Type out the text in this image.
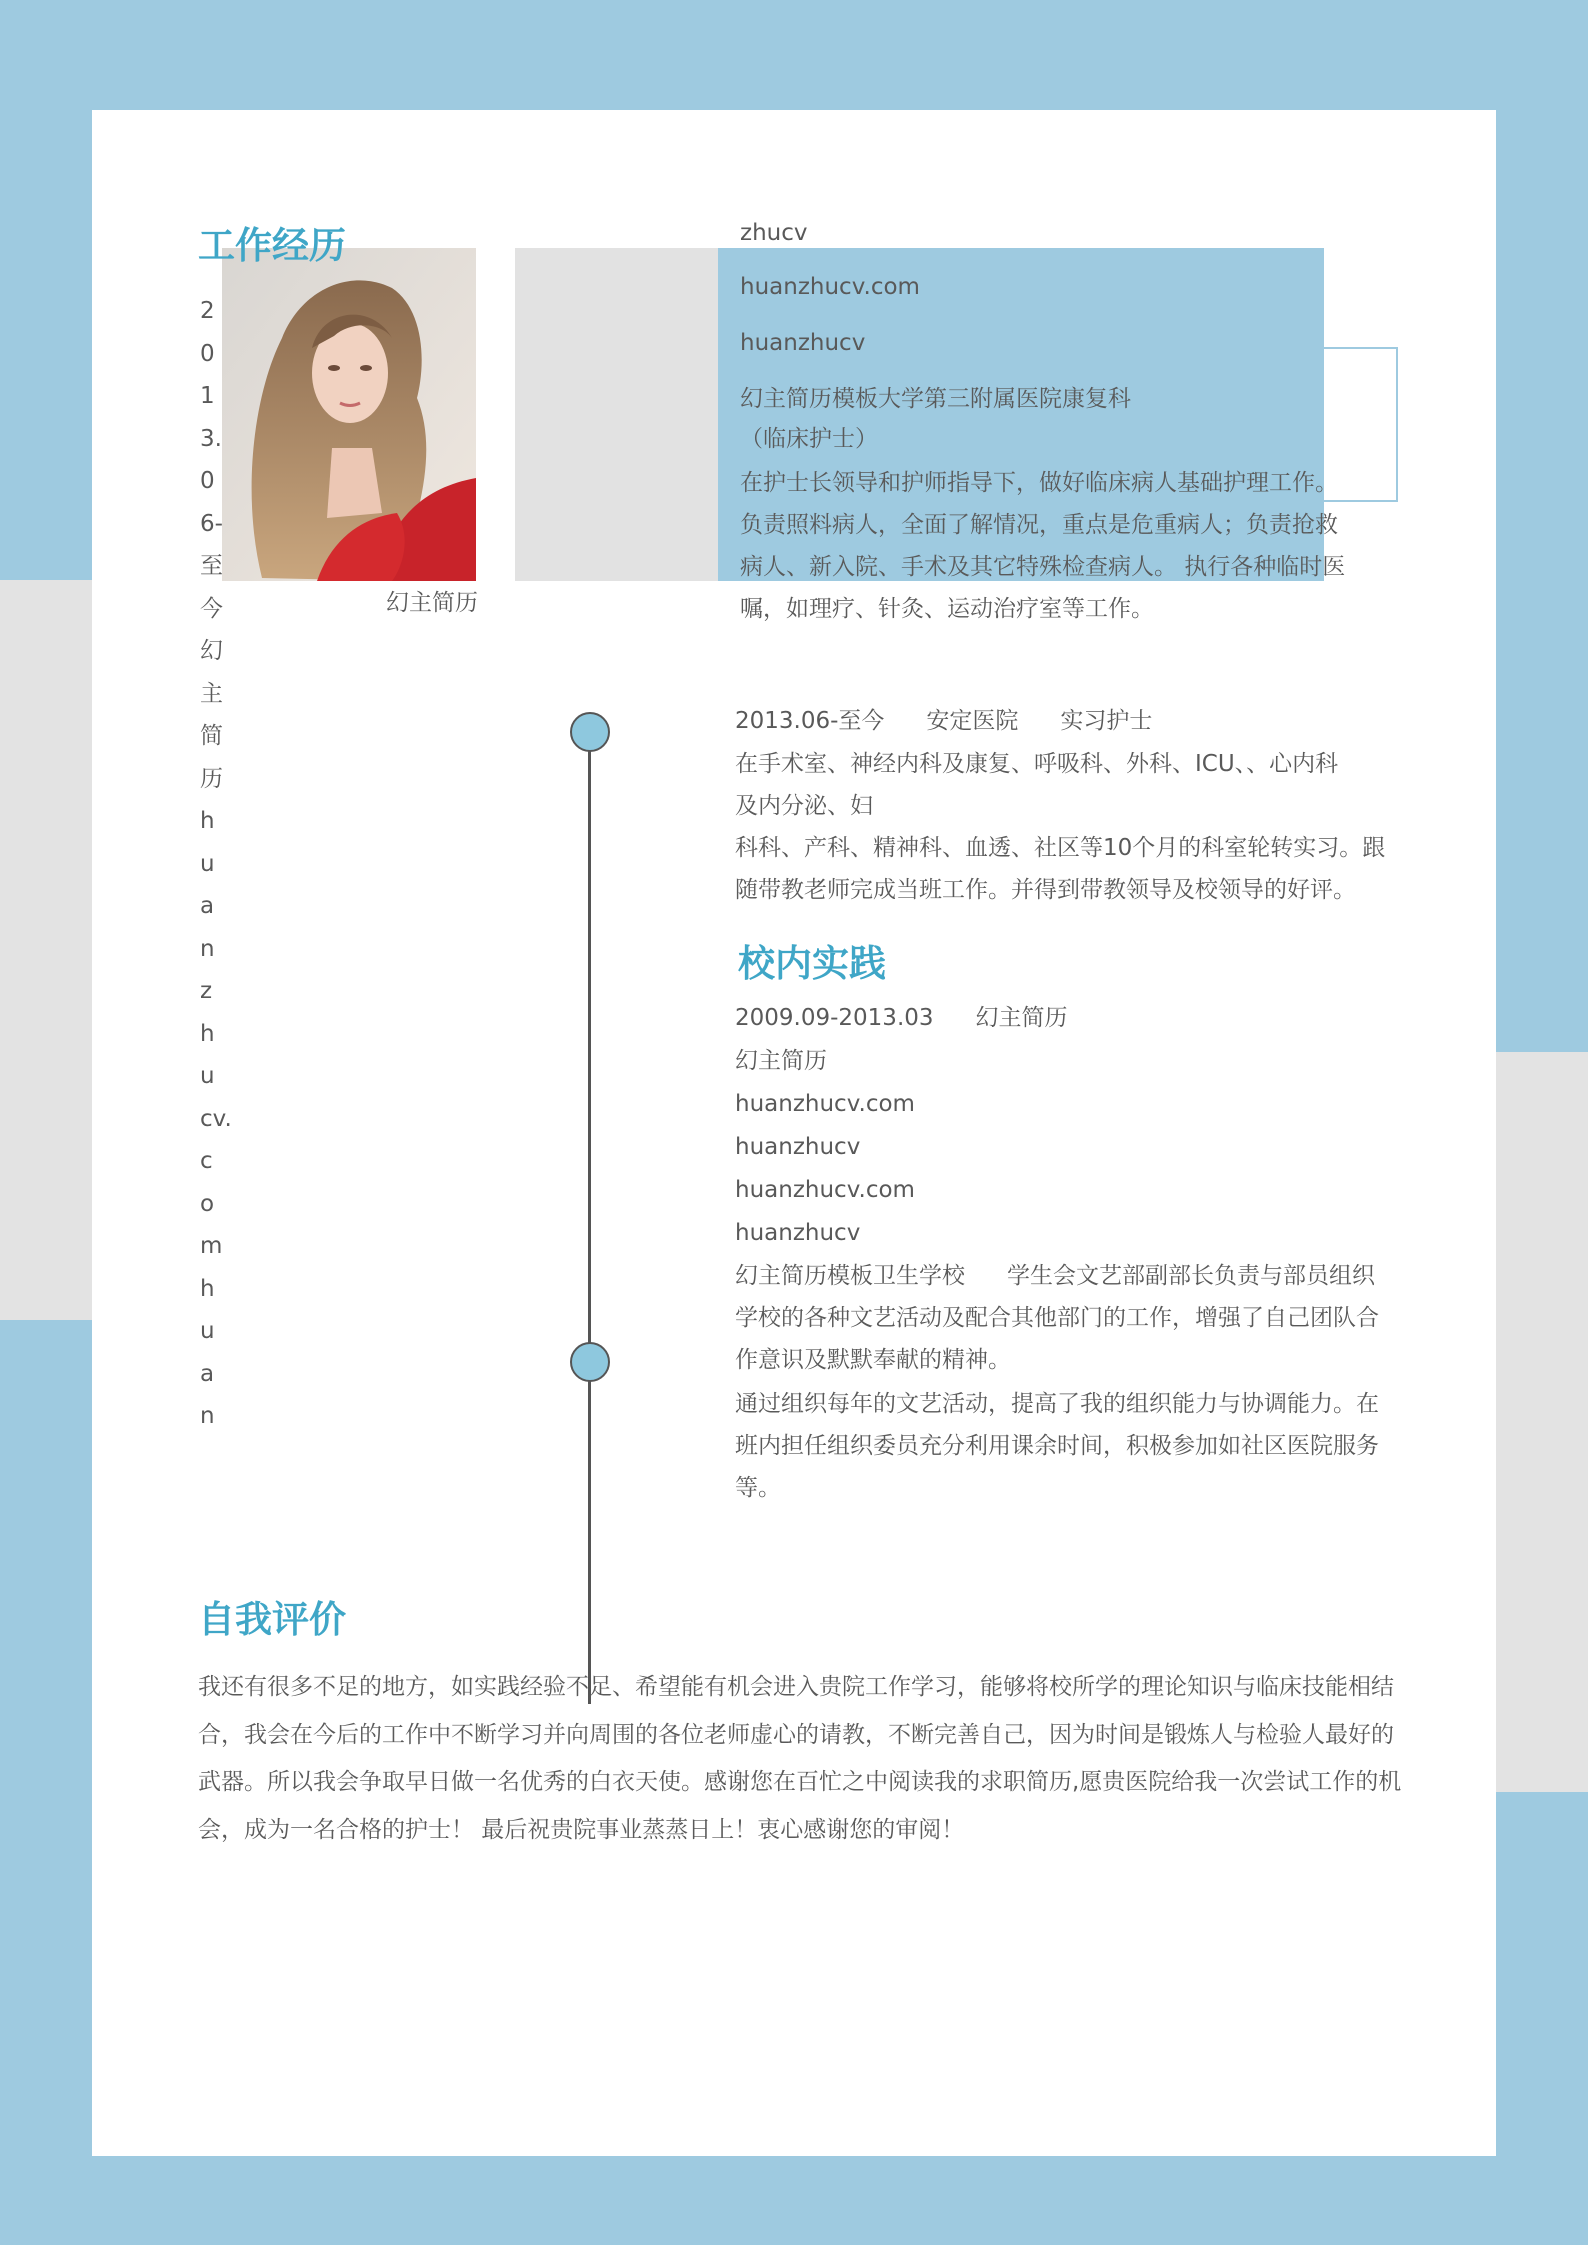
幻主简历
zhucv
huanzhucv.com
huanzhucv
幻主简历模板大学第三附属医院康复科
（临床护士）
在护士长领导和护师指导下，做好临床病人基础护理工作。 负责照料病人，全面了解情况，重点是危重病人；负责抢救病人、新入院、手术及其它特殊检查病人。 执行各种临时医嘱，如理疗、针灸、运动治疗室等工作。
工作经历
2
0
1
3.
0
6-
至
今
幻
主
简
历
h
u
a
n
z
h
u
cv.
c
o
m
h
u
a
n
2013.06-至今 安定医院 实习护士
在手术室、神经内科及康复、呼吸科、外科、ICU、、心内科
及内分泌、妇
科科、产科、精神科、血透、社区等10个月的科室轮转实习。跟
随带教老师完成当班工作。并得到带教领导及校领导的好评。
校内实践
2009.09-2013.03 幻主简历
幻主简历
huanzhucv.com
huanzhucv
huanzhucv.com
huanzhucv
幻主简历模板卫生学校 学生会文艺部副部长负责与部员组织学校的各种文艺活动及配合其他部门的工作，增强了自己团队合作意识及默默奉献的精神。
通过组织每年的文艺活动，提高了我的组织能力与协调能力。在班内担任组织委员充分利用课余时间，积极参加如社区医院服务等。
自我评价
我还有很多不足的地方，如实践经验不足、希望能有机会进入贵院工作学习，能够将校所学的理论知识与临床技能相结合，我会在今后的工作中不断学习并向周围的各位老师虚心的请教，不断完善自己，因为时间是锻炼人与检验人最好的武器。所以我会争取早日做一名优秀的白衣天使。感谢您在百忙之中阅读我的求职简历,愿贵医院给我一次尝试工作的机会，成为一名合格的护士！ 最后祝贵院事业蒸蒸日上！衷心感谢您的审阅！
